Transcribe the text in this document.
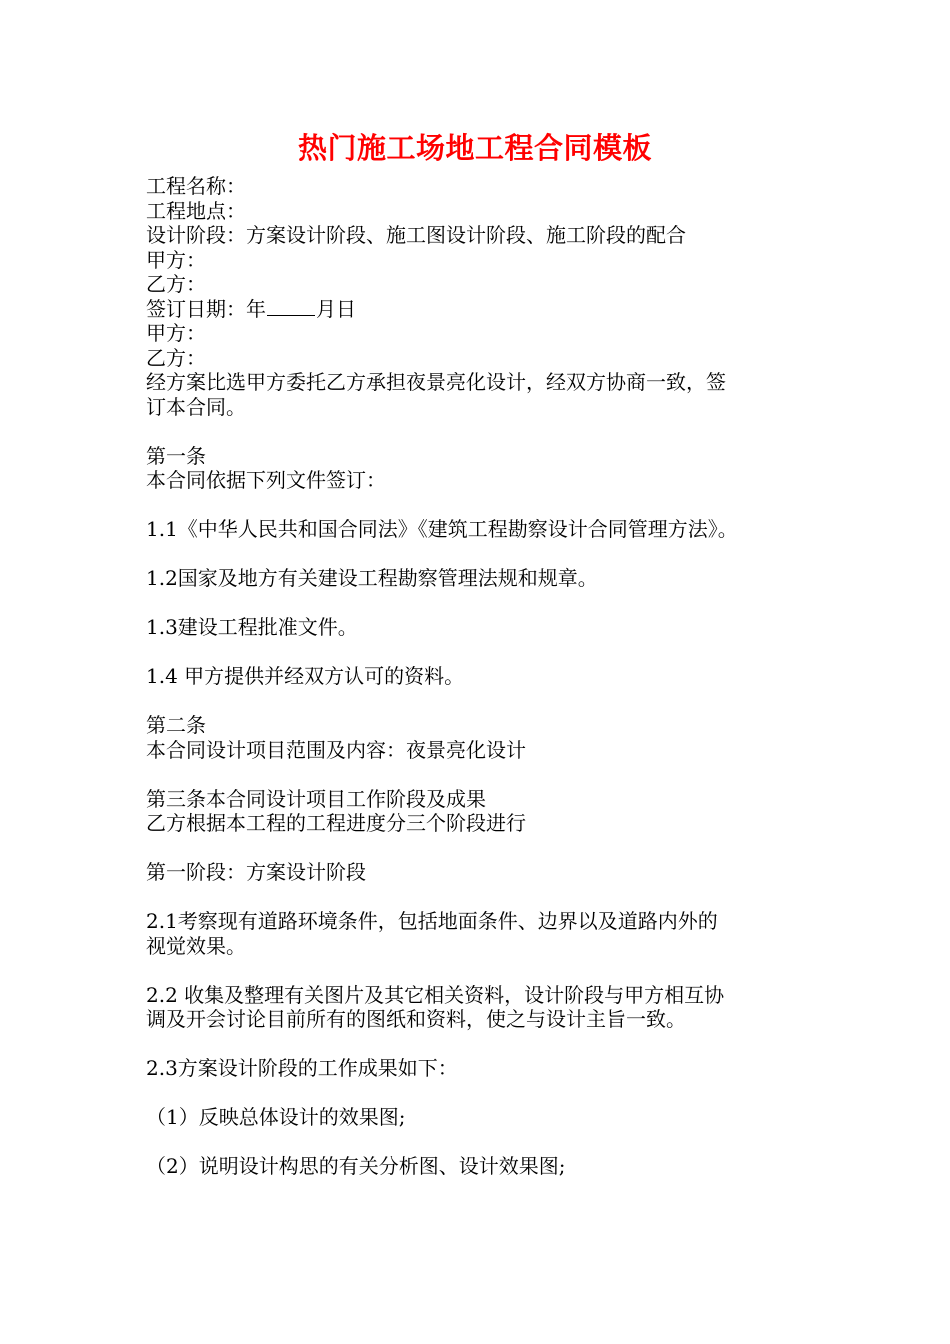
热门施工场地工程合同模板
工程名称：
工程地点：
设计阶段：方案设计阶段、施工图设计阶段、施工阶段的配合
甲方：
乙方：
签订日期：年	月日
甲方：
乙方：
经方案比选甲方委托乙方承担夜景亮化设计，经双方协商一致，签
订本合同。
第一条
本合同依据下列文件签订：
1.1《中华人民共和国合同法》《建筑工程勘察设计合同管理方法》。
1.2国家及地方有关建设工程勘察管理法规和规章。
1.3建设工程批准文件。
1.4 甲方提供并经双方认可的资料。
第二条
本合同设计项目范围及内容：夜景亮化设计
第三条本合同设计项目工作阶段及成果
乙方根据本工程的工程进度分三个阶段进行
第一阶段：方案设计阶段
2.1考察现有道路环境条件，包括地面条件、边界以及道路内外的
视觉效果。
2.2 收集及整理有关图片及其它相关资料，设计阶段与甲方相互协
调及开会讨论目前所有的图纸和资料，使之与设计主旨一致。
2.3方案设计阶段的工作成果如下：
（1）反映总体设计的效果图;
（2）说明设计构思的有关分析图、设计效果图;
